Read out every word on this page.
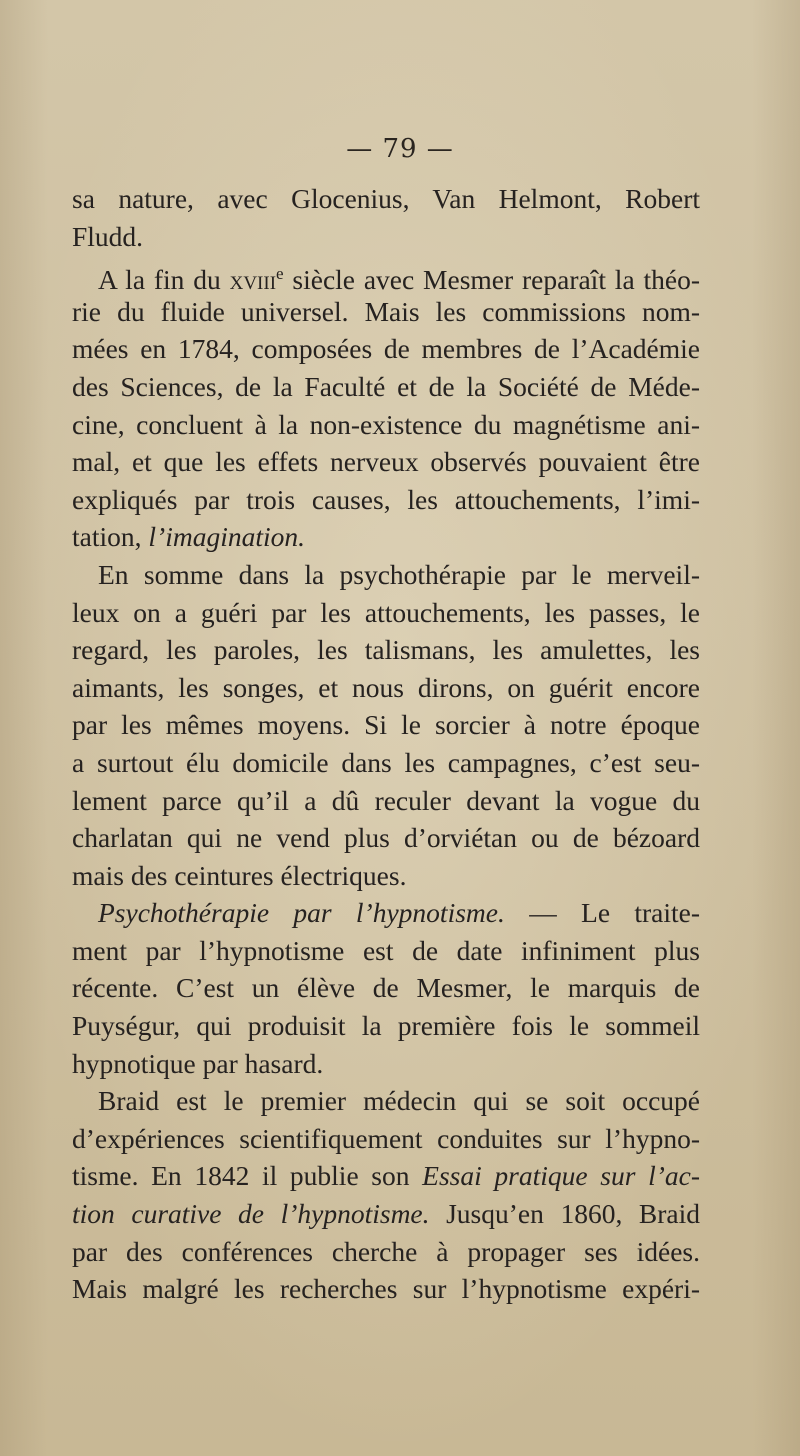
— 79 —
sa nature, avec Glocenius, Van Helmont, Robert
Fludd.
A la fin du xviii$^e$ siècle avec Mesmer reparaît la théo-
rie du fluide universel. Mais les commissions nom-
mées en 1784, composées de membres de l’Académie
des Sciences, de la Faculté et de la Société de Méde-
cine, concluent à la non-existence du magnétisme ani-
mal, et que les effets nerveux observés pouvaient être
expliqués par trois causes, les attouchements, l’imi-
tation, l’imagination.
En somme dans la psychothérapie par le merveil-
leux on a guéri par les attouchements, les passes, le
regard, les paroles, les talismans, les amulettes, les
aimants, les songes, et nous dirons, on guérit encore
par les mêmes moyens. Si le sorcier à notre époque
a surtout élu domicile dans les campagnes, c’est seu-
lement parce qu’il a dû reculer devant la vogue du
charlatan qui ne vend plus d’orviétan ou de bézoard
mais des ceintures électriques.
Psychothérapie par l’hypnotisme. — Le traite-
ment par l’hypnotisme est de date infiniment plus
récente. C’est un élève de Mesmer, le marquis de
Puységur, qui produisit la première fois le sommeil
hypnotique par hasard.
Braid est le premier médecin qui se soit occupé
d’expériences scientifiquement conduites sur l’hypno-
tisme. En 1842 il publie son Essai pratique sur l’ac-
tion curative de l’hypnotisme. Jusqu’en 1860, Braid
par des conférences cherche à propager ses idées.
Mais malgré les recherches sur l’hypnotisme expéri-
